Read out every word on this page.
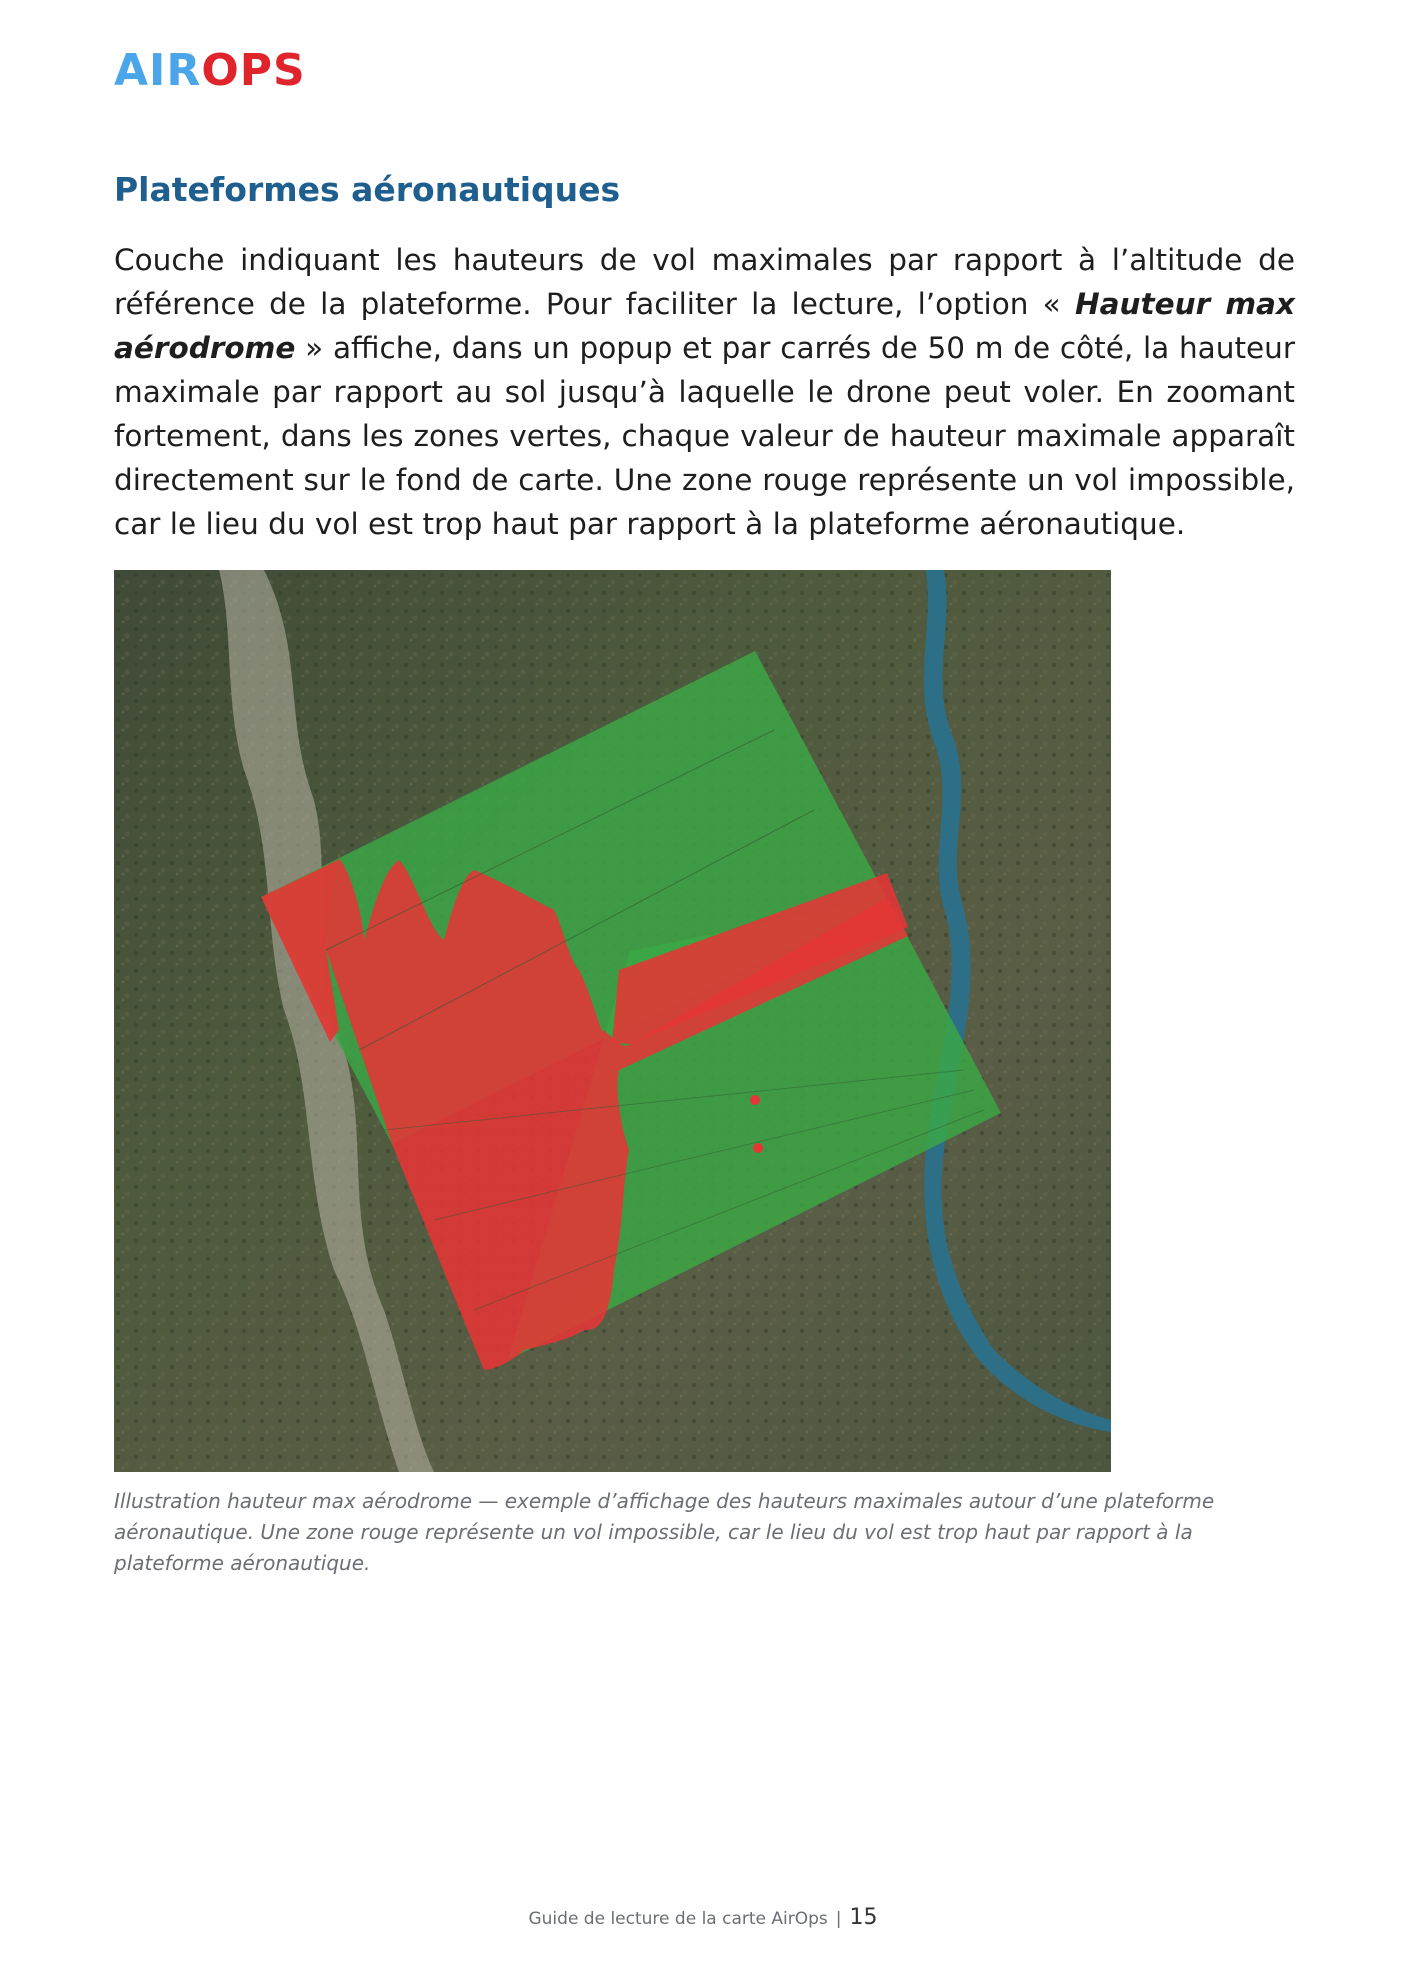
AIROPS
Plateformes aéronautiques

Couche indiquant les hauteurs de vol maximales par rapport à l’altitude de référence de la plateforme. Pour faciliter la lecture, l’option « Hauteur max aérodrome » affiche, dans un popup et par carrés de 50 m de côté, la hauteur maximale par rapport au sol jusqu’à laquelle le drone peut voler. En zoomant fortement, dans les zones vertes, chaque valeur de hauteur maximale apparaît directement sur le fond de carte. Une zone rouge représente un vol impossible, car le lieu du vol est trop haut par rapport à la plateforme aéronautique.

Illustration hauteur max aérodrome — exemple d’affichage des hauteurs maximales autour d’une plateforme aéronautique. Une zone rouge représente un vol impossible, car le lieu du vol est trop haut par rapport à la plateforme aéronautique.
Guide de lecture de la carte AirOps | 15
